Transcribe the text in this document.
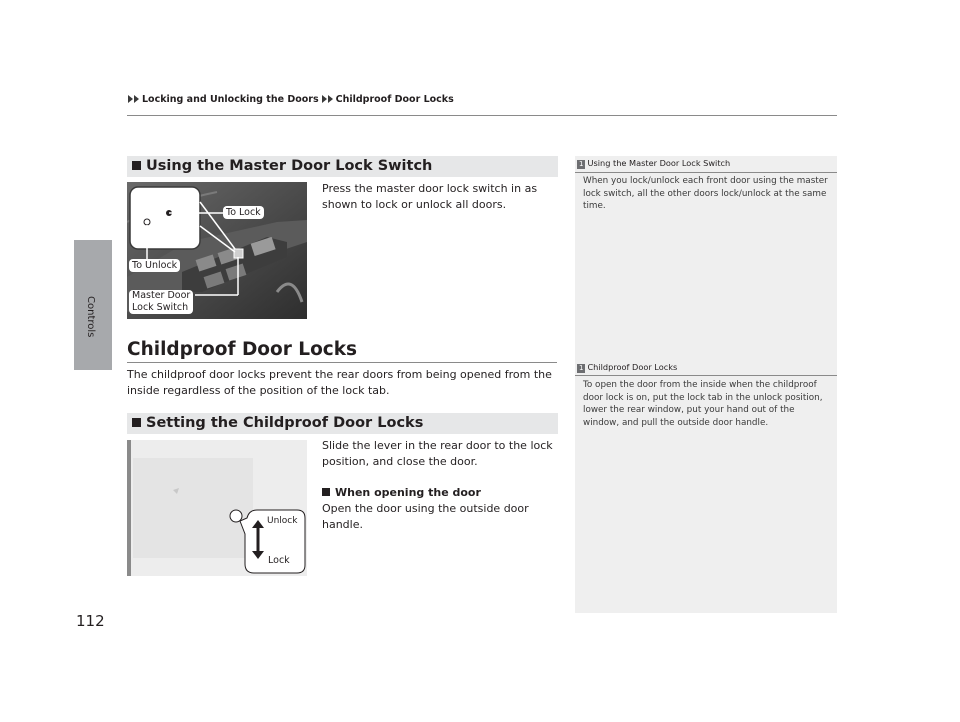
Locking and Unlocking the Doors Childproof Door Locks
Controls
112
Using the Master Door Lock Switch
To Lock
To Unlock
Master Door
Lock Switch
Press the master door lock switch in as shown to lock or unlock all doors.
Childproof Door Locks
The childproof door locks prevent the rear doors from being opened from the inside regardless of the position of the lock tab.
Setting the Childproof Door Locks
Unlock
Lock
Slide the lever in the rear door to the lock position, and close the door.
When opening the door
Open the door using the outside door handle.
1 Using the Master Door Lock Switch
When you lock/unlock each front door using the master lock switch, all the other doors lock/unlock at the same time.
1 Childproof Door Locks
To open the door from the inside when the childproof door lock is on, put the lock tab in the unlock position, lower the rear window, put your hand out of the window, and pull the outside door handle.
